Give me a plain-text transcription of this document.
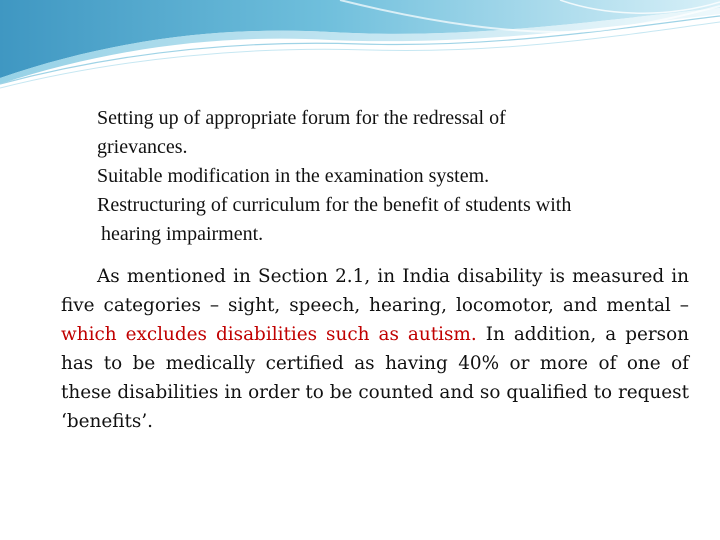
Setting up of appropriate forum for the redressal of
grievances.
Suitable modification in the examination system.
Restructuring of curriculum for the benefit of students with
hearing impairment.
As mentioned in Section 2.1, in India disability is measured in five categories – sight, speech, hearing, locomotor, and mental – which excludes disabilities such as autism. In addition, a person has to be medically certified as having 40% or more of one of these disabilities in order to be counted and so qualified to request ‘benefits’.
